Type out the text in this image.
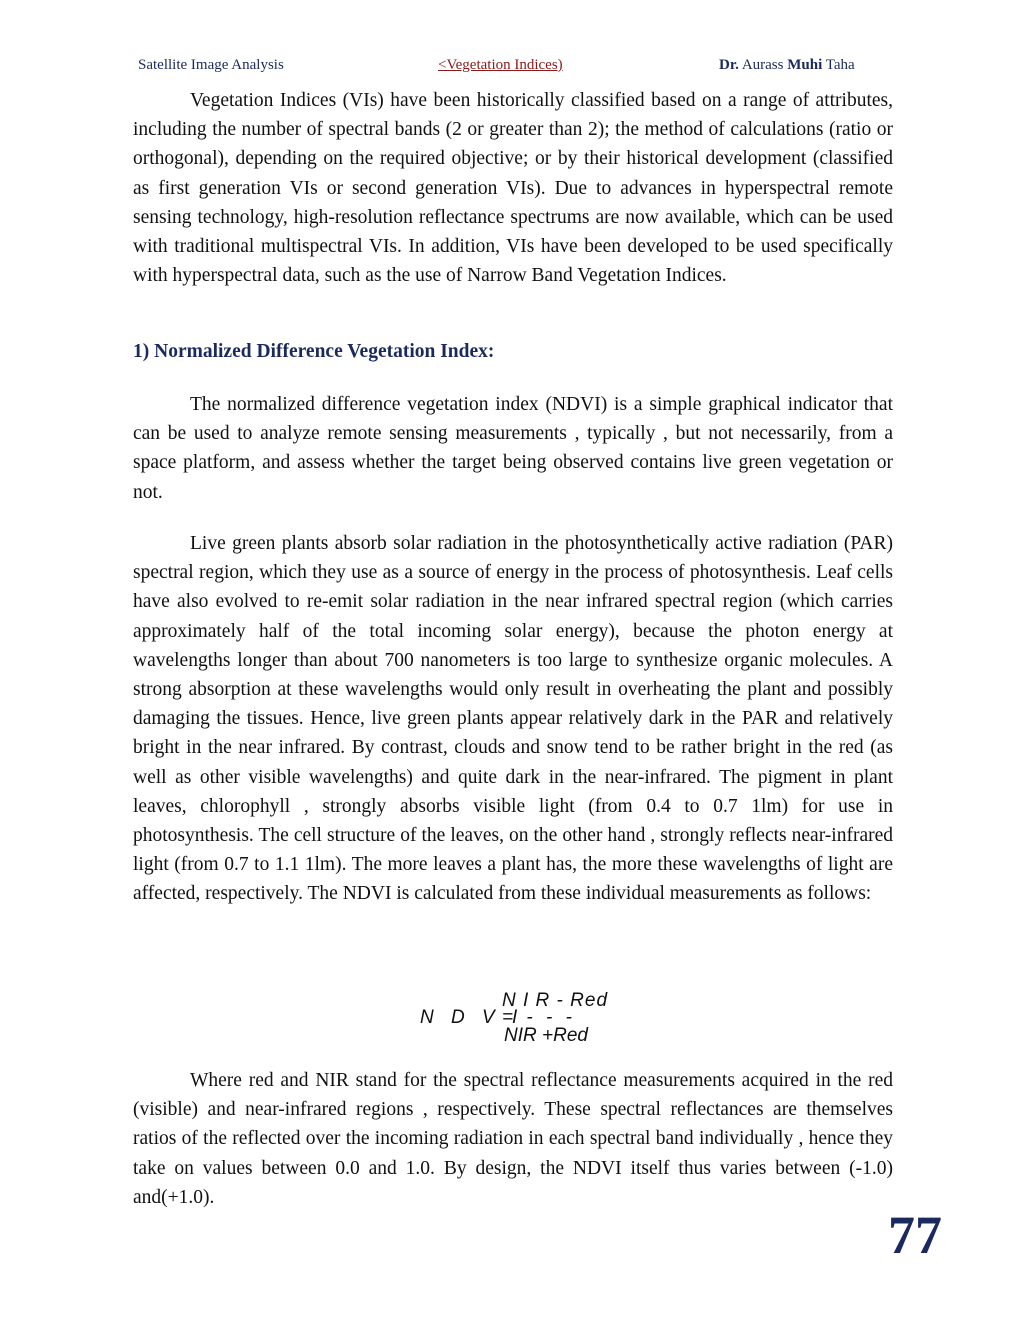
Satellite Image Analysis	<Vegetation Indices)	Dr. Aurass Muhi Taha

Vegetation Indices (VIs) have been historically classified based on a range of attributes, including the number of spectral bands (2 or greater than 2); the method of calculations (ratio or orthogonal), depending on the required objective; or by their historical development (classified as first generation VIs or second generation VIs). Due to advances in hyperspectral remote sensing technology, high-resolution reflectance spectrums are now available, which can be used with traditional multispectral VIs. In addition, VIs have been developed to be used specifically with hyperspectral data, such as the use of Narrow Band Vegetation Indices.

1) Normalized Difference Vegetation Index:

The normalized difference vegetation index (NDVI) is a simple graphical indicator that can be used to analyze remote sensing measurements , typically , but not necessarily, from a space platform, and assess whether the target being observed contains live green vegetation or not.

Live green plants absorb solar radiation in the photosynthetically active radiation (PAR) spectral region, which they use as a source of energy in the process of photosynthesis. Leaf cells have also evolved to re-emit solar radiation in the near infrared spectral region (which carries approximately half of the total incoming solar energy), because the photon energy at wavelengths longer than about 700 nanometers is too large to synthesize organic molecules. A strong absorption at these wavelengths would only result in overheating the plant and possibly damaging the tissues. Hence, live green plants appear relatively dark in the PAR and relatively bright in the near infrared. By contrast, clouds and snow tend to be rather bright in the red (as well as other visible wavelengths) and quite dark in the near-infrared. The pigment in plant leaves, chlorophyll , strongly absorbs visible light (from 0.4 to 0.7 1lm) for use in photosynthesis. The cell structure of the leaves, on the other hand , strongly reflects near-infrared light (from 0.7 to 1.1 1lm). The more leaves a plant has, the more these wavelengths of light are affected, respectively. The NDVI is calculated from these individual measurements as follows:

N D V I
N I R - Red
= - - -
NIR +Red

Where red and NIR stand for the spectral reflectance measurements acquired in the red (visible) and near-infrared regions , respectively. These spectral reflectances are themselves ratios of the reflected over the incoming radiation in each spectral band individually , hence they take on values between 0.0 and 1.0. By design, the NDVI itself thus varies between (-1.0) and(+1.0).

77
